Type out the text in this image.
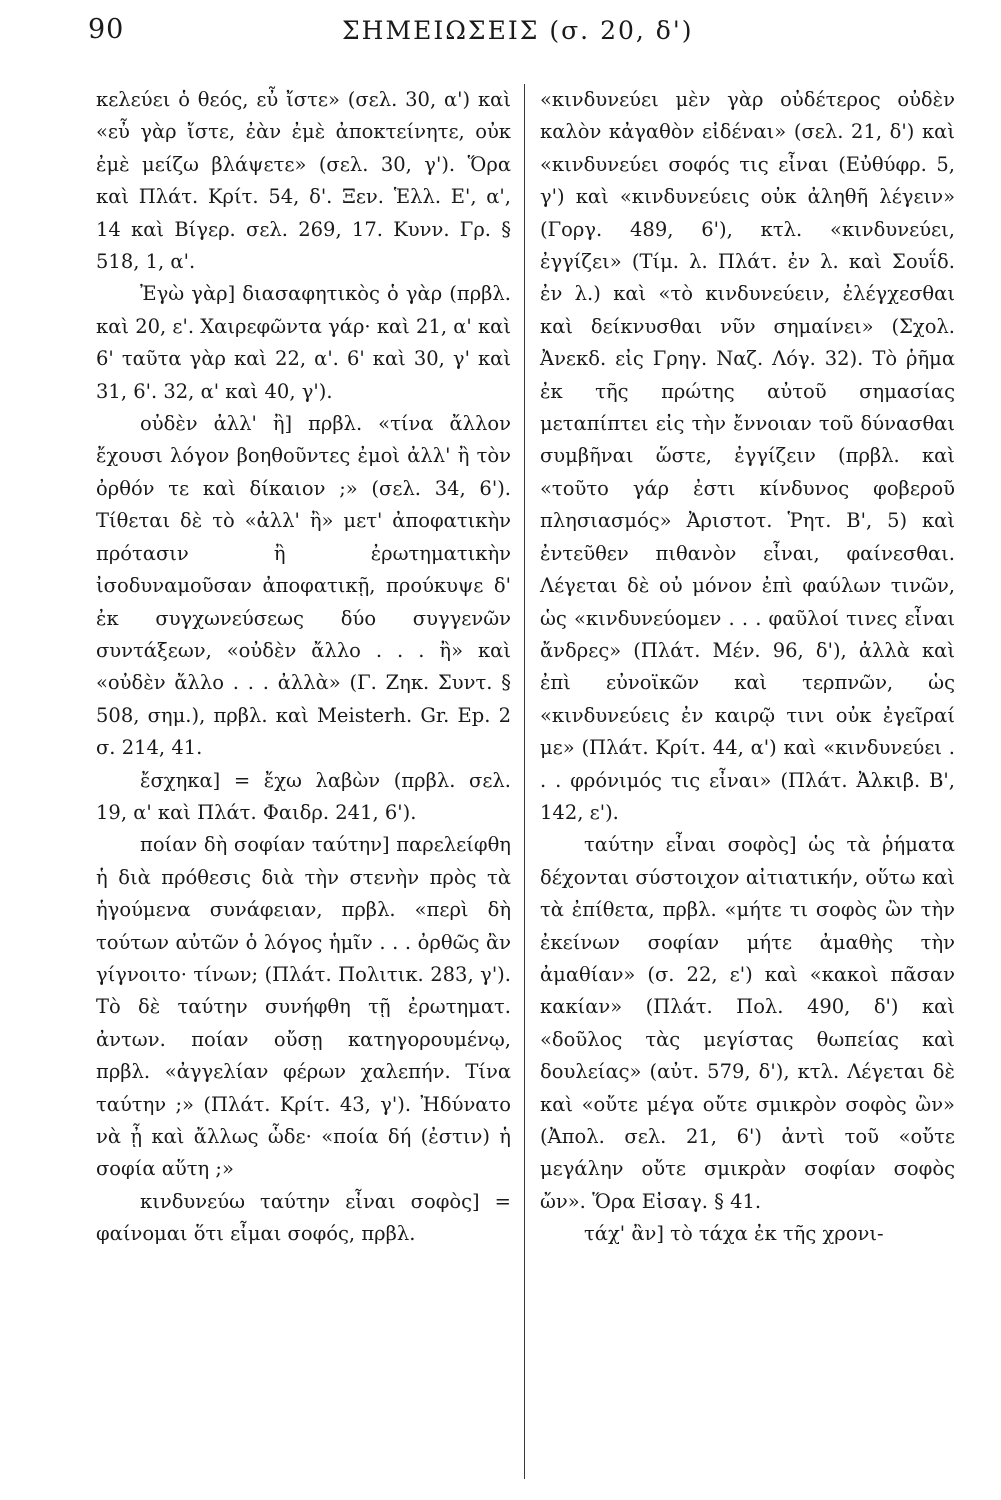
90	ΣΗΜΕΙΩΣΕΙΣ (σ. 20, δ')

κελεύει ὁ θεός, εὖ ἴστε» (σελ. 30, α') καὶ «εὖ γὰρ ἴστε, ἐὰν ἐμὲ ἀποκτείνητε, οὐκ ἐμὲ μείζω βλάψετε» (σελ. 30, γ'). Ὅρα καὶ Πλάτ. Κρίτ. 54, δ'. Ξεν. Ἑλλ. Ε', α', 14 καὶ Βίγερ. σελ. 269, 17. Κυνν. Γρ. § 518, 1, α'.

Ἐγὼ γὰρ] διασαφητικὸς ὁ γὰρ (πρβλ. καὶ 20, ε'. Χαιρεφῶντα γάρ· καὶ 21, α' καὶ 6' ταῦτα γὰρ καὶ 22, α'. 6' καὶ 30, γ' καὶ 31, 6'. 32, α' καὶ 40, γ').

οὐδὲν ἀλλ' ἢ] πρβλ. «τίνα ἄλλον ἔχουσι λόγον βοηθοῦντες ἐμοὶ ἀλλ' ἢ τὸν ὀρθόν τε καὶ δίκαιον ;» (σελ. 34, 6'). Τίθεται δὲ τὸ «ἀλλ' ἢ» μετ' ἀποφατικὴν πρότασιν ἢ ἐρωτηματικὴν ἰσοδυναμοῦσαν ἀποφατικῇ, προύκυψε δ' ἐκ συγχωνεύσεως δύο συγγενῶν συντάξεων, «οὐδὲν ἄλλο . . . ἢ» καὶ «οὐδὲν ἄλλο . . . ἀλλὰ» (Γ. Ζηκ. Συντ. § 508, σημ.), πρβλ. καὶ Meisterh. Gr. Ep. 2 σ. 214, 41.

ἔσχηκα] = ἔχω λαβὼν (πρβλ. σελ. 19, α' καὶ Πλάτ. Φαιδρ. 241, 6').

ποίαν δὴ σοφίαν ταύτην] παρελείφθη ἡ διὰ πρόθεσις διὰ τὴν στενὴν πρὸς τὰ ἡγούμενα συνάφειαν, πρβλ. «περὶ δὴ τούτων αὐτῶν ὁ λόγος ἡμῖν . . . ὀρθῶς ἂν γίγνοιτο· τίνων; (Πλάτ. Πολιτικ. 283, γ'). Τὸ δὲ ταύτην συνήφθη τῇ ἐρωτηματ. ἀντων. ποίαν οὔσῃ κατηγορουμένῳ, πρβλ. «ἀγγελίαν φέρων χαλεπήν. Τίνα ταύτην ;» (Πλάτ. Κρίτ. 43, γ'). Ἠδύνατο νὰ ᾖ καὶ ἄλλως ὧδε· «ποία δή (ἐστιν) ἡ σοφία αὕτη ;»

κινδυνεύω ταύτην εἶναι σοφὸς] = φαίνομαι ὅτι εἶμαι σοφός, πρβλ.

«κινδυνεύει μὲν γὰρ οὐδέτερος οὐδὲν καλὸν κἀγαθὸν εἰδέναι» (σελ. 21, δ') καὶ «κινδυνεύει σοφός τις εἶναι (Εὐθύφρ. 5, γ') καὶ «κινδυνεύεις οὐκ ἀληθῆ λέγειν» (Γοργ. 489, 6'), κτλ. «κινδυνεύει, ἐγγίζει» (Τίμ. λ. Πλάτ. ἐν λ. καὶ Σουΐδ. ἐν λ.) καὶ «τὸ κινδυνεύειν, ἐλέγχεσθαι καὶ δείκνυσθαι νῦν σημαίνει» (Σχολ. Ἀνεκδ. εἰς Γρηγ. Ναζ. Λόγ. 32). Τὸ ῥῆμα ἐκ τῆς πρώτης αὐτοῦ σημασίας μεταπίπτει εἰς τὴν ἔννοιαν τοῦ δύνασθαι συμβῆναι ὥστε, ἐγγίζειν (πρβλ. καὶ «τοῦτο γάρ ἐστι κίνδυνος φοβεροῦ πλησιασμός» Ἀριστοτ. Ῥητ. Β', 5) καὶ ἐντεῦθεν πιθανὸν εἶναι, φαίνεσθαι. Λέγεται δὲ οὐ μόνον ἐπὶ φαύλων τινῶν, ὡς «κινδυνεύομεν . . . φαῦλοί τινες εἶναι ἄνδρες» (Πλάτ. Μέν. 96, δ'), ἀλλὰ καὶ ἐπὶ εὐνοϊκῶν καὶ τερπνῶν, ὡς «κινδυνεύεις ἐν καιρῷ τινι οὐκ ἐγεῖραί με» (Πλάτ. Κρίτ. 44, α') καὶ «κινδυνεύει . . . φρόνιμός τις εἶναι» (Πλάτ. Ἀλκιβ. Β', 142, ε').

ταύτην εἶναι σοφὸς] ὡς τὰ ῥήματα δέχονται σύστοιχον αἰτιατικήν, οὕτω καὶ τὰ ἐπίθετα, πρβλ. «μήτε τι σοφὸς ὢν τὴν ἐκείνων σοφίαν μήτε ἀμαθὴς τὴν ἀμαθίαν» (σ. 22, ε') καὶ «κακοὶ πᾶσαν κακίαν» (Πλάτ. Πολ. 490, δ') καὶ «δοῦλος τὰς μεγίστας θωπείας καὶ δουλείας» (αὐτ. 579, δ'), κτλ. Λέγεται δὲ καὶ «οὔτε μέγα οὔτε σμικρὸν σοφὸς ὢν» (Ἀπολ. σελ. 21, 6') ἀντὶ τοῦ «οὔτε μεγάλην οὔτε σμικρὰν σοφίαν σοφὸς ὤν». Ὅρα Εἰσαγ. § 41.

τάχ' ἂν] τὸ τάχα ἐκ τῆς χρονι-
